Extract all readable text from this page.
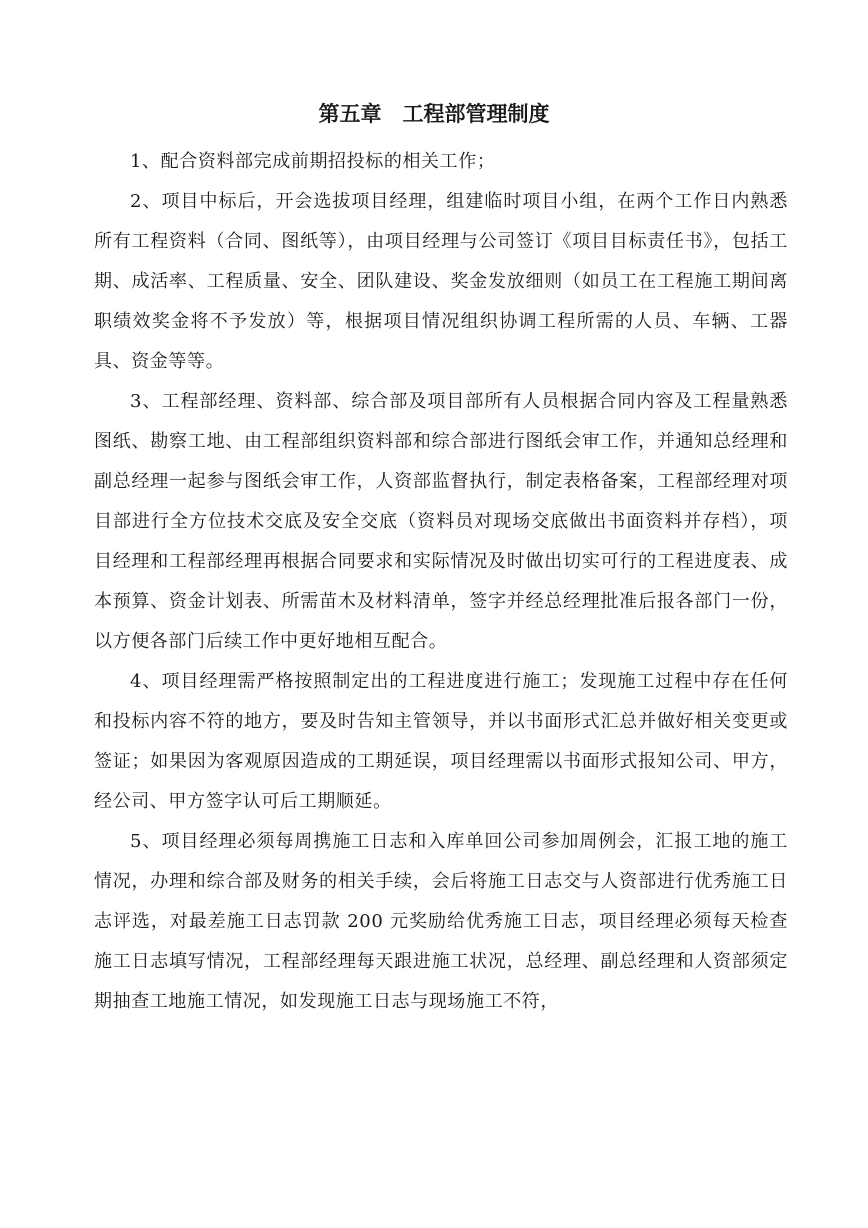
第五章　工程部管理制度

1、配合资料部完成前期招投标的相关工作；

2、项目中标后，开会选拔项目经理，组建临时项目小组，在两个工作日内熟悉所有工程资料（合同、图纸等），由项目经理与公司签订《项目目标责任书》，包括工期、成活率、工程质量、安全、团队建设、奖金发放细则（如员工在工程施工期间离职绩效奖金将不予发放）等，根据项目情况组织协调工程所需的人员、车辆、工器具、资金等等。

3、工程部经理、资料部、综合部及项目部所有人员根据合同内容及工程量熟悉图纸、勘察工地、由工程部组织资料部和综合部进行图纸会审工作，并通知总经理和副总经理一起参与图纸会审工作，人资部监督执行，制定表格备案，工程部经理对项目部进行全方位技术交底及安全交底（资料员对现场交底做出书面资料并存档），项目经理和工程部经理再根据合同要求和实际情况及时做出切实可行的工程进度表、成本预算、资金计划表、所需苗木及材料清单，签字并经总经理批准后报各部门一份，以方便各部门后续工作中更好地相互配合。

4、项目经理需严格按照制定出的工程进度进行施工；发现施工过程中存在任何和投标内容不符的地方，要及时告知主管领导，并以书面形式汇总并做好相关变更或签证；如果因为客观原因造成的工期延误，项目经理需以书面形式报知公司、甲方，经公司、甲方签字认可后工期顺延。

5、项目经理必须每周携施工日志和入库单回公司参加周例会，汇报工地的施工情况，办理和综合部及财务的相关手续，会后将施工日志交与人资部进行优秀施工日志评选，对最差施工日志罚款 200 元奖励给优秀施工日志，项目经理必须每天检查施工日志填写情况，工程部经理每天跟进施工状况，总经理、副总经理和人资部须定期抽查工地施工情况，如发现施工日志与现场施工不符，
